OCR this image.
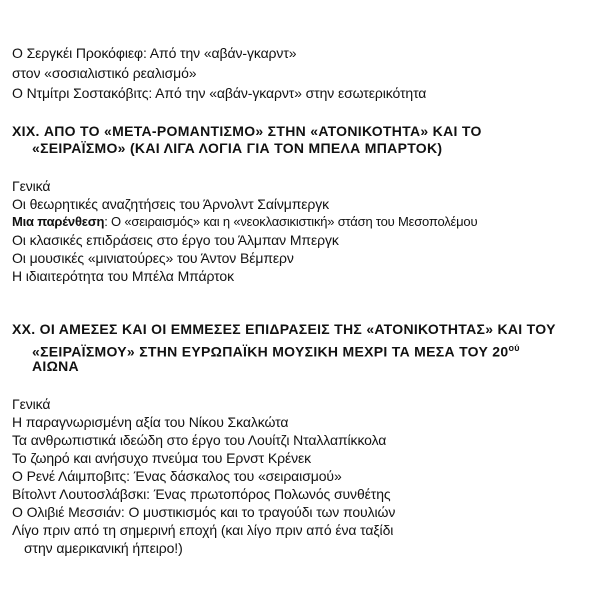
Ο Σεργκέι Προκόφιεφ: Από την «αβάν-γκαρντ»
στον «σοσιαλιστικό ρεαλισμό»
Ο Ντμίτρι Σοστακόβιτς: Από την «αβάν-γκαρντ» στην εσωτερικότητα
XIX. ΑΠΟ ΤΟ «ΜΕΤΑ-ΡΟΜΑΝΤΙΣΜΟ» ΣΤΗΝ «ΑΤΟΝΙΚΟΤΗΤΑ» ΚΑΙ ΤΟ
«ΣΕΙΡΑΪΣΜΟ» (ΚΑΙ ΛΙΓΑ ΛΟΓΙΑ ΓΙΑ ΤΟΝ ΜΠΕΛΑ ΜΠΑΡΤΟΚ)
Γενικά
Οι θεωρητικές αναζητήσεις του Άρνολντ Σαίνμπεργκ
Μια παρένθεση: Ο «σειραισμός» και η «νεοκλασικιστική» στάση του Μεσοπολέμου
Οι κλασικές επιδράσεις στο έργο του Άλμπαν Μπεργκ
Οι μουσικές «μινιατούρες» του Άντον Βέμπερν
Η ιδιαιτερότητα του Μπέλα Μπάρτοκ
XX. ΟΙ ΑΜΕΣΕΣ ΚΑΙ ΟΙ ΕΜΜΕΣΕΣ ΕΠΙΔΡΑΣΕΙΣ ΤΗΣ «ΑΤΟΝΙΚΟΤΗΤΑΣ» ΚΑΙ ΤΟΥ
«ΣΕΙΡΑΪΣΜΟΥ» ΣΤΗΝ ΕΥΡΩΠΑΪΚΗ ΜΟΥΣΙΚΗ ΜΕΧΡΙ ΤΑ ΜΕΣΑ ΤΟΥ $20^{oύ}$
ΑΙΩΝΑ
Γενικά
Η παραγνωρισμένη αξία του Νίκου Σκαλκώτα
Τα ανθρωπιστικά ιδεώδη στο έργο του Λουίτζι Νταλλαπίκκολα
Το ζωηρό και ανήσυχο πνεύμα του Ερνστ Κρένεκ
Ο Ρενέ Λάιμποβιτς: Ένας δάσκαλος του «σειραισμού»
Βίτολντ Λουτοσλάβσκι: Ένας πρωτοπόρος Πολωνός συνθέτης
Ο Ολιβιέ Μεσσιάν: Ο μυστικισμός και το τραγούδι των πουλιών
Λίγο πριν από τη σημερινή εποχή (και λίγο πριν από ένα ταξίδι
στην αμερικανική ήπειρο!)
